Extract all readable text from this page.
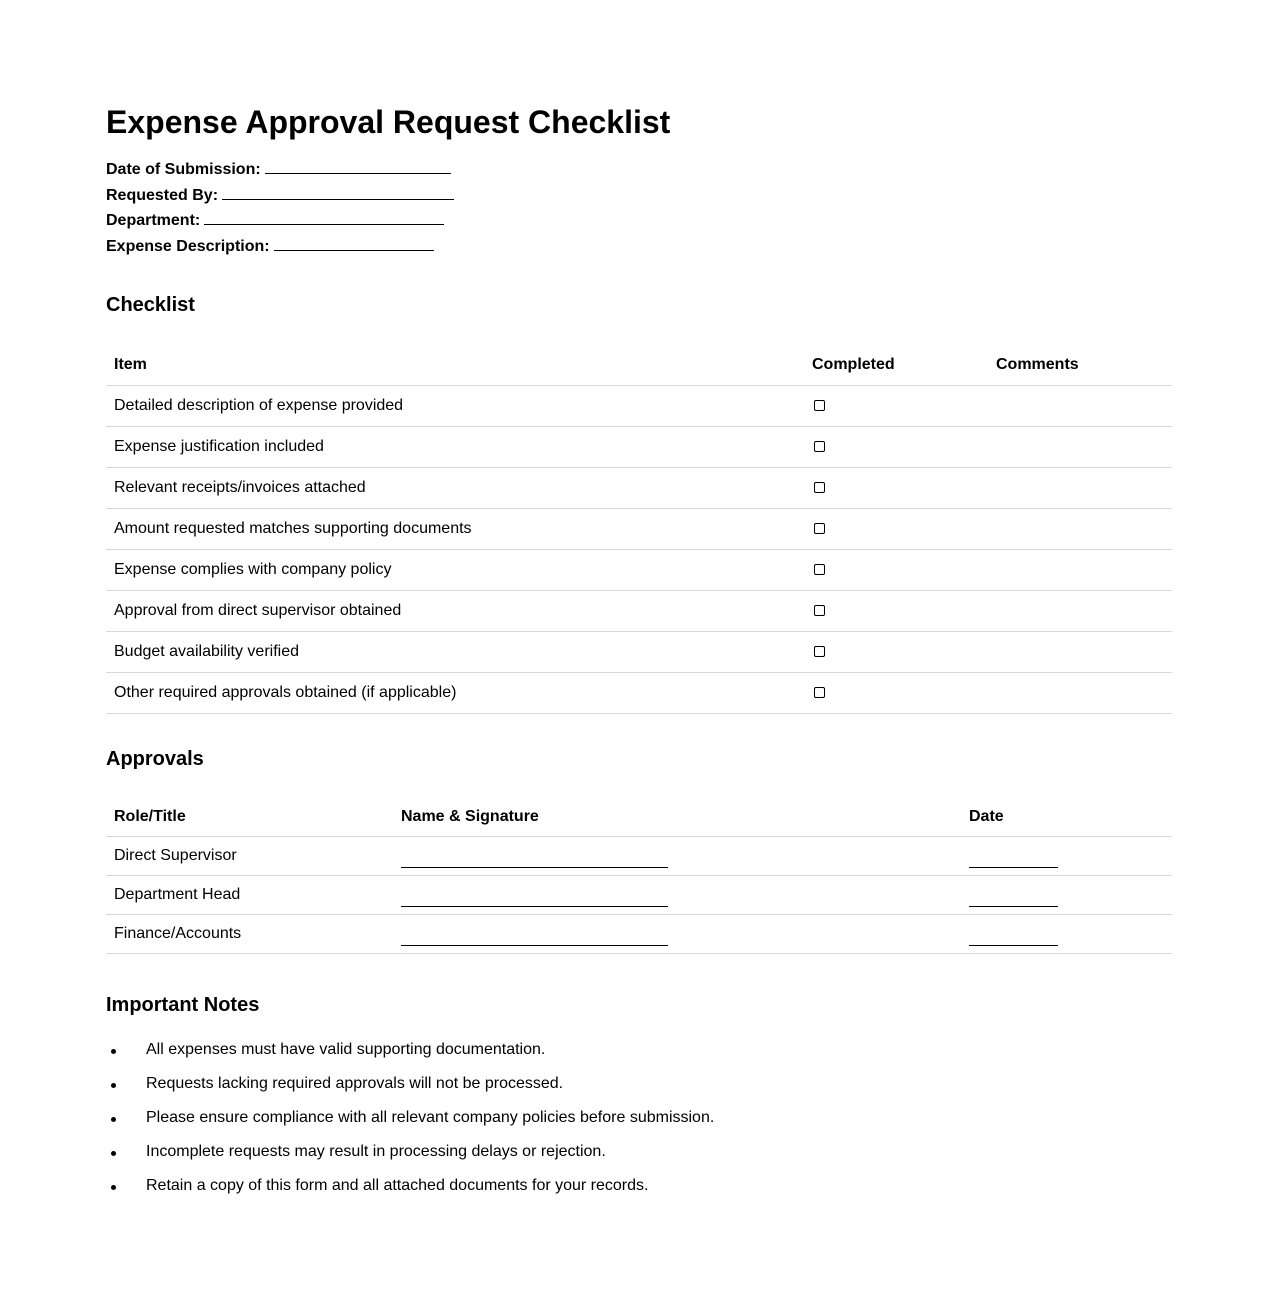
Expense Approval Request Checklist
Date of Submission:
Requested By:
Department:
Expense Description:
Checklist
Item	Completed	Comments
Detailed description of expense provided		
Expense justification included		
Relevant receipts/invoices attached		
Amount requested matches supporting documents		
Expense complies with company policy		
Approval from direct supervisor obtained		
Budget availability verified		
Other required approvals obtained (if applicable)		
Approvals
Role/Title	Name & Signature	Date
Direct Supervisor		
Department Head		
Finance/Accounts		
Important Notes
All expenses must have valid supporting documentation.
Requests lacking required approvals will not be processed.
Please ensure compliance with all relevant company policies before submission.
Incomplete requests may result in processing delays or rejection.
Retain a copy of this form and all attached documents for your records.
